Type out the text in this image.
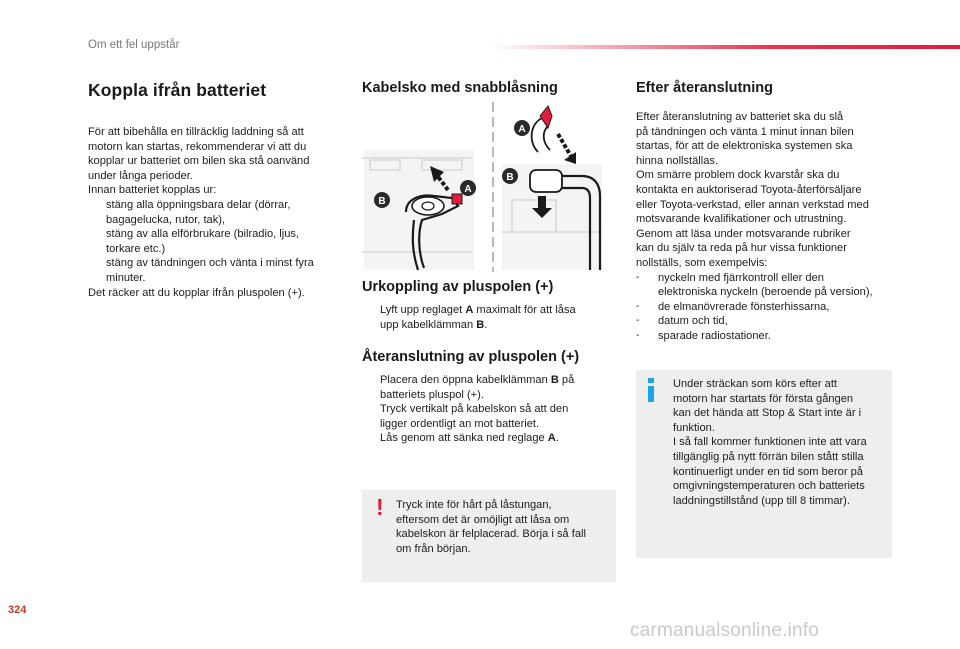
Om ett fel uppstår
Koppla ifrån batteriet
För att bibehålla en tillräcklig laddning så att
motorn kan startas, rekommenderar vi att du
kopplar ur batteriet om bilen ska stå oanvänd
under långa perioder.
Innan batteriet kopplas ur:
stäng alla öppningsbara delar (dörrar,
bagagelucka, rutor, tak),
stäng av alla elförbrukare (bilradio, ljus,
torkare etc.)
stäng av tändningen och vänta i minst fyra
minuter.
Det räcker att du kopplar ifrån pluspolen (+).
Kabelsko med snabblåsning
B
A
A
B
Urkoppling av pluspolen (+)
Lyft upp reglaget A maximalt för att låsa
upp kabelklämman B.
Återanslutning av pluspolen (+)
Placera den öppna kabelklämman B på
batteriets pluspol (+).
Tryck vertikalt på kabelskon så att den
ligger ordentligt an mot batteriet.
Lås genom att sänka ned reglage A.
! Tryck inte för hårt på låstungan,
eftersom det är omöjligt att låsa om
kabelskon är felplacerad. Börja i så fall
om från början.
Efter återanslutning
Efter återanslutning av batteriet ska du slå
på tändningen och vänta 1 minut innan bilen
startas, för att de elektroniska systemen ska
hinna nollställas.
Om smärre problem dock kvarstår ska du
kontakta en auktoriserad Toyota-återförsäljare
eller Toyota-verkstad, eller annan verkstad med
motsvarande kvalifikationer och utrustning.
Genom att läsa under motsvarande rubriker
kan du själv ta reda på hur vissa funktioner
nollställs, som exempelvis:
-	nyckeln med fjärrkontroll eller den
elektroniska nyckeln (beroende på version),
-	de elmanövrerade fönsterhissarna,
-	datum och tid,
-	sparade radiostationer.
Under sträckan som körs efter att
motorn har startats för första gången
kan det hända att Stop & Start inte är i
funktion.
I så fall kommer funktionen inte att vara
tillgänglig på nytt förrän bilen stått stilla
kontinuerligt under en tid som beror på
omgivningstemperaturen och batteriets
laddningstillstånd (upp till 8 timmar).
324
carmanualsonline.info
